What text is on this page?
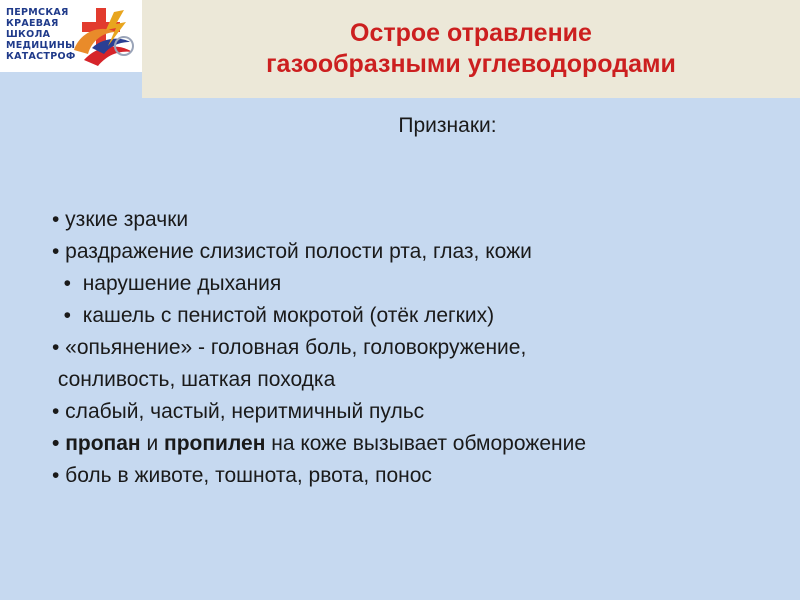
ПЕРМСКАЯ
КРАЕВАЯ
ШКОЛА
МЕДИЦИНЫ
КАТАСТРОФ
Острое отравление
газообразными углеводородами
Признаки:
• узкие зрачки
• раздражение слизистой полости рта, глаз, кожи
•  нарушение дыхания
•  кашель с пенистой мокротой (отёк легких)
• «опьянение» - головная боль, головокружение,
сонливость, шаткая походка
• слабый, частый, неритмичный пульс
• пропан и пропилен на коже вызывает обморожение
• боль в животе, тошнота, рвота, понос
